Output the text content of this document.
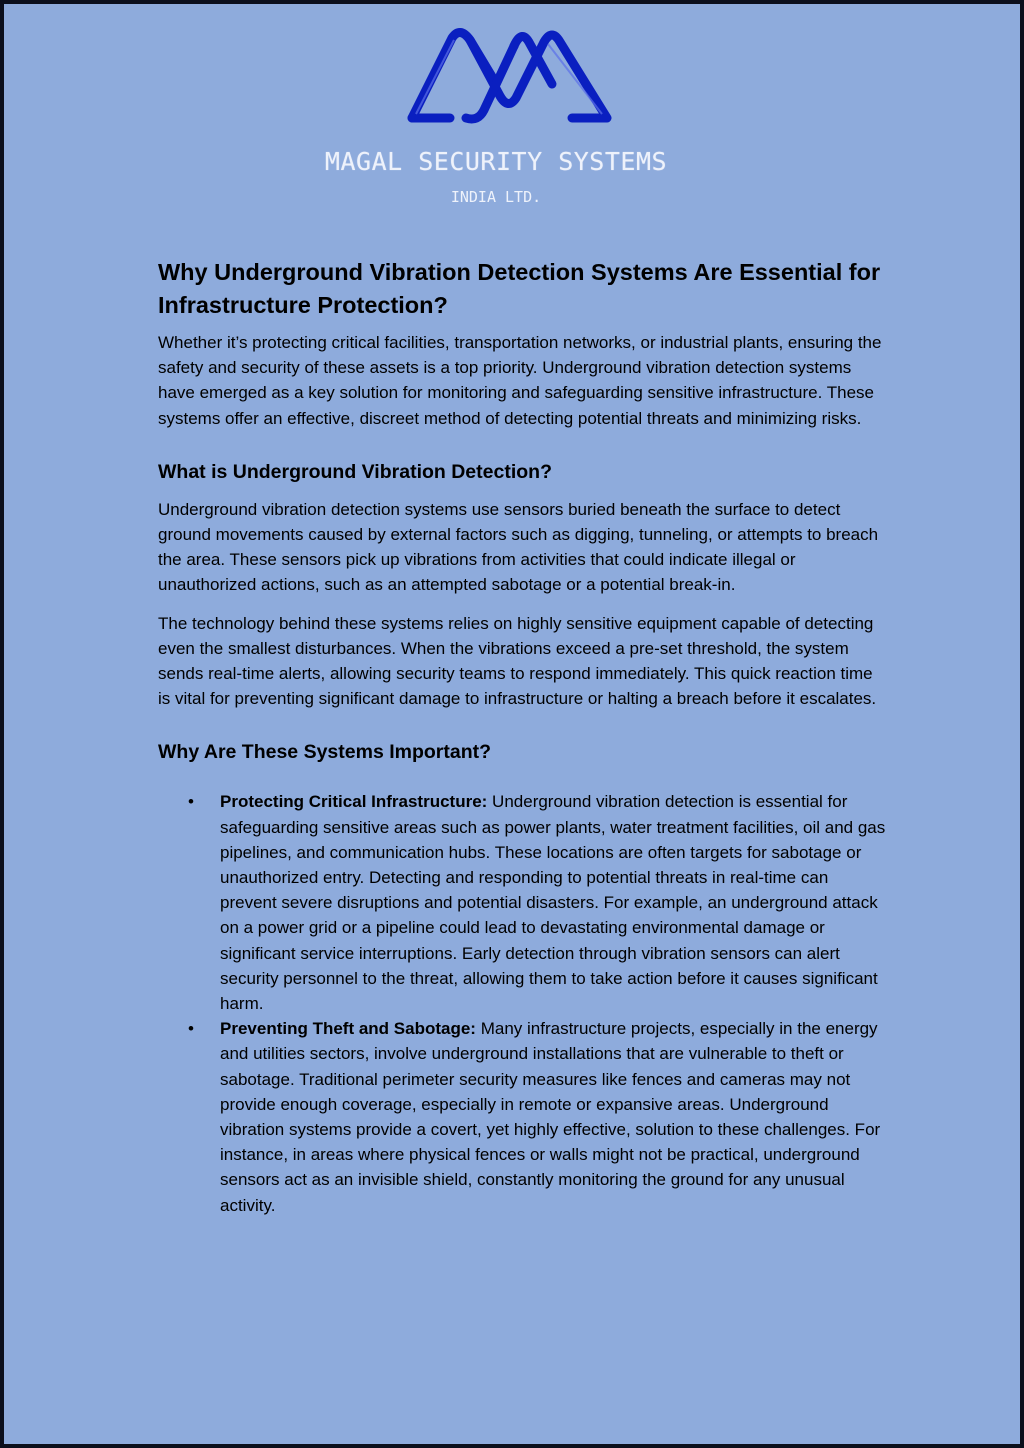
MAGAL SECURITY SYSTEMS
INDIA LTD.
Why Underground Vibration Detection Systems Are Essential for Infrastructure Protection?

Whether it’s protecting critical facilities, transportation networks, or industrial plants, ensuring the safety and security of these assets is a top priority. Underground vibration detection systems have emerged as a key solution for monitoring and safeguarding sensitive infrastructure. These systems offer an effective, discreet method of detecting potential threats and minimizing risks.

What is Underground Vibration Detection?

Underground vibration detection systems use sensors buried beneath the surface to detect ground movements caused by external factors such as digging, tunneling, or attempts to breach the area. These sensors pick up vibrations from activities that could indicate illegal or unauthorized actions, such as an attempted sabotage or a potential break-in.

The technology behind these systems relies on highly sensitive equipment capable of detecting even the smallest disturbances. When the vibrations exceed a pre-set threshold, the system sends real-time alerts, allowing security teams to respond immediately. This quick reaction time is vital for preventing significant damage to infrastructure or halting a breach before it escalates.

Why Are These Systems Important?
• Protecting Critical Infrastructure: Underground vibration detection is essential for safeguarding sensitive areas such as power plants, water treatment facilities, oil and gas pipelines, and communication hubs. These locations are often targets for sabotage or unauthorized entry. Detecting and responding to potential threats in real-time can prevent severe disruptions and potential disasters. For example, an underground attack on a power grid or a pipeline could lead to devastating environmental damage or significant service interruptions. Early detection through vibration sensors can alert security personnel to the threat, allowing them to take action before it causes significant harm.
• Preventing Theft and Sabotage: Many infrastructure projects, especially in the energy and utilities sectors, involve underground installations that are vulnerable to theft or sabotage. Traditional perimeter security measures like fences and cameras may not provide enough coverage, especially in remote or expansive areas. Underground vibration systems provide a covert, yet highly effective, solution to these challenges. For instance, in areas where physical fences or walls might not be practical, underground sensors act as an invisible shield, constantly monitoring the ground for any unusual activity.
